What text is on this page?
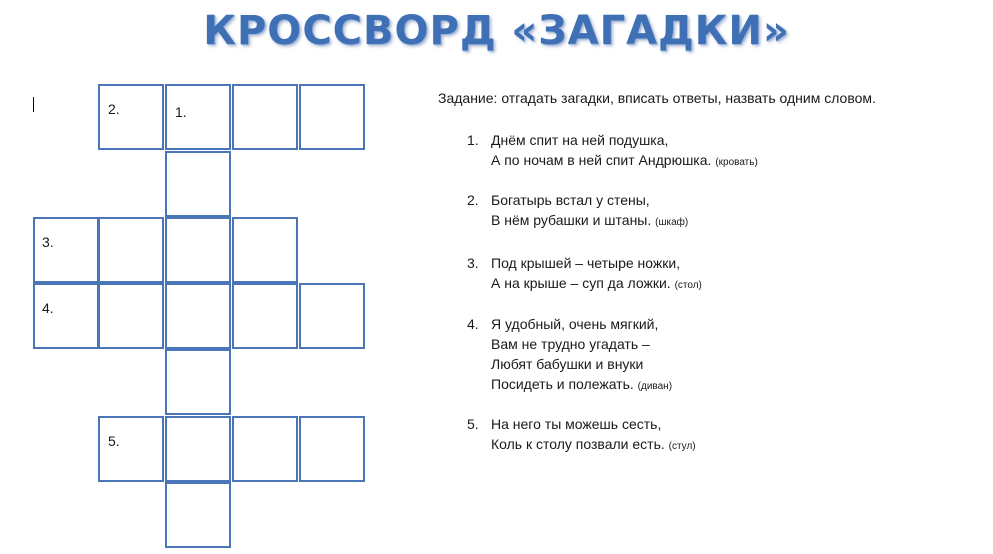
КРОССВОРД «ЗАГАДКИ»
2.	1.
3.
4.
5.
Задание: отгадать загадки, вписать ответы, назвать одним словом.
1. Днём спит на ней подушка,
А по ночам в ней спит Андрюшка. (кровать)
2. Богатырь встал у стены,
В нём рубашки и штаны. (шкаф)
3. Под крышей – четыре ножки,
А на крыше – суп да ложки. (стол)
4. Я удобный, очень мягкий,
Вам не трудно угадать –
Любят бабушки и внуки
Посидеть и полежать. (диван)
5. На него ты можешь сесть,
Коль к столу позвали есть. (стул)
